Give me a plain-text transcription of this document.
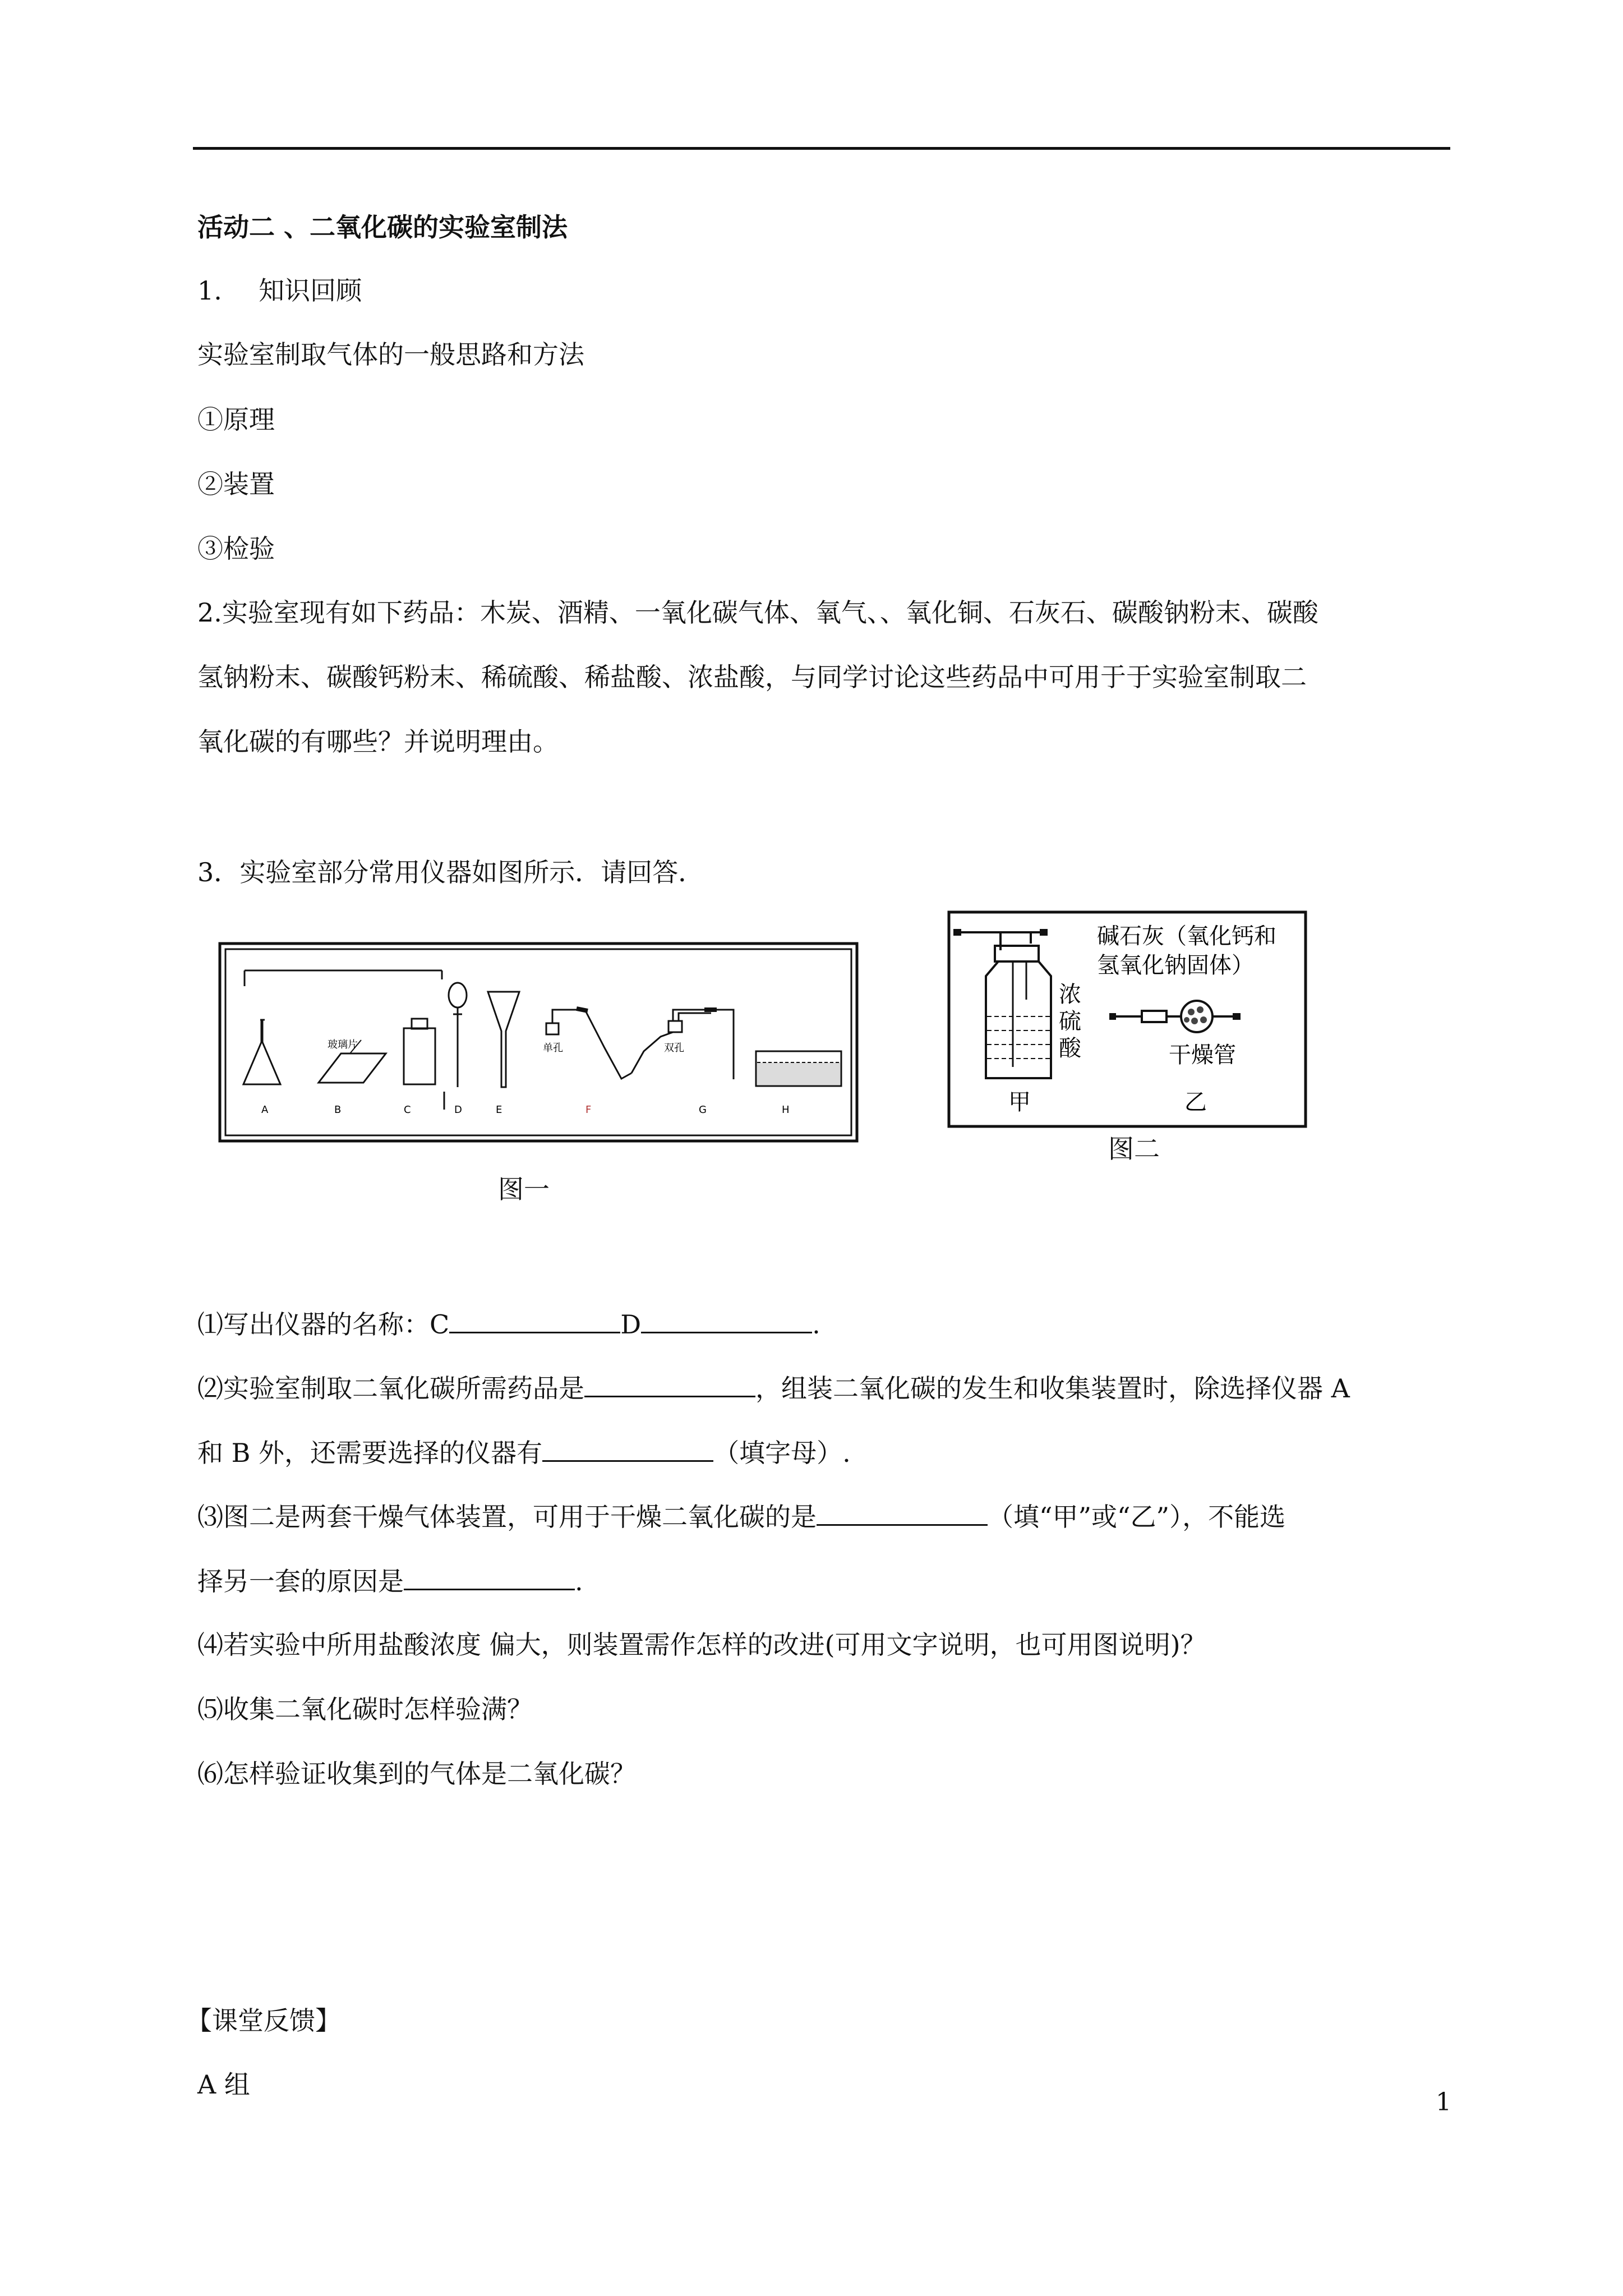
活动二 、二氧化碳的实验室制法
1. 知识回顾
实验室制取气体的一般思路和方法
①原理
②装置
③检验
2.实验室现有如下药品：木炭、酒精、一氧化碳气体、氧气、、氧化铜、石灰石、碳酸钠粉末、碳酸
氢钠粉末、碳酸钙粉末、稀硫酸、稀盐酸、浓盐酸，与同学讨论这些药品中可用于于实验室制取二
氧化碳的有哪些？并说明理由。
3．实验室部分常用仪器如图所示．请回答．
玻璃片	单孔	双孔
A	B	C	D	E	F	G	H
图一
碱石灰（氧化钙和
氢氧化钠固体）
浓
硫
酸	干燥管
甲	乙
图二
⑴写出仪器的名称：C	D	.
⑵实验室制取二氧化碳所需药品是	，组装二氧化碳的发生和收集装置时，除选择仪器 A
和 B 外，还需要选择的仪器有	（填字母）.
⑶图二是两套干燥气体装置，可用于干燥二氧化碳的是	（填“甲”或“乙”），不能选
择另一套的原因是	.
⑷若实验中所用盐酸浓度 偏大，则装置需作怎样的改进(可用文字说明，也可用图说明)？
⑸收集二氧化碳时怎样验满？
⑹怎样验证收集到的气体是二氧化碳？
【课堂反馈】
A 组
1
